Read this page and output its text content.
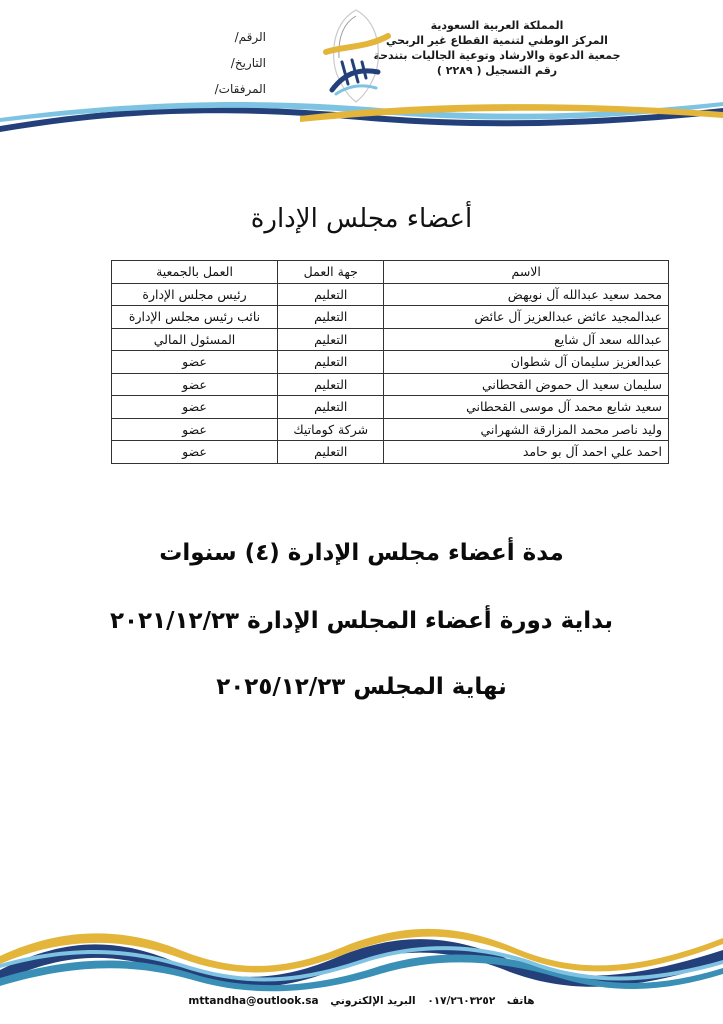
المملكة العربية السعودية
المركز الوطني لتنمية القطاع غير الربحي
جمعية الدعوة والارشاد وتوعية الجاليات بتندحة
رقم التسجيل ( ٢٢٨٩ )
الرقم/
التاريخ/
المرفقات/
أعضاء مجلس الإدارة
الاسم	جهة العمل	العمل بالجمعية
محمد سعيد عبدالله آل نويهض	التعليم	رئيس مجلس الإدارة
عبدالمجيد عائض عبدالعزيز آل عائض	التعليم	نائب رئيس مجلس الإدارة
عبدالله سعد آل شايع	التعليم	المسئول المالي
عبدالعزيز سليمان آل شطوان	التعليم	عضو
سليمان سعيد ال حموض القحطاني	التعليم	عضو
سعيد شايع محمد آل موسى القحطاني	التعليم	عضو
وليد ناصر محمد المزارقة الشهراني	شركة كوماتيك	عضو
احمد علي احمد آل بو حامد	التعليم	عضو
مدة أعضاء مجلس الإدارة (٤) سنوات
بداية دورة أعضاء المجلس الإدارة ٢٠٢١/١٢/٢٣
نهاية المجلس ٢٠٢٥/١٢/٢٣
هاتف ٠١٧/٢٦٠٣٢٥٢ البريد الإلكتروني mttandha@outlook.sa
